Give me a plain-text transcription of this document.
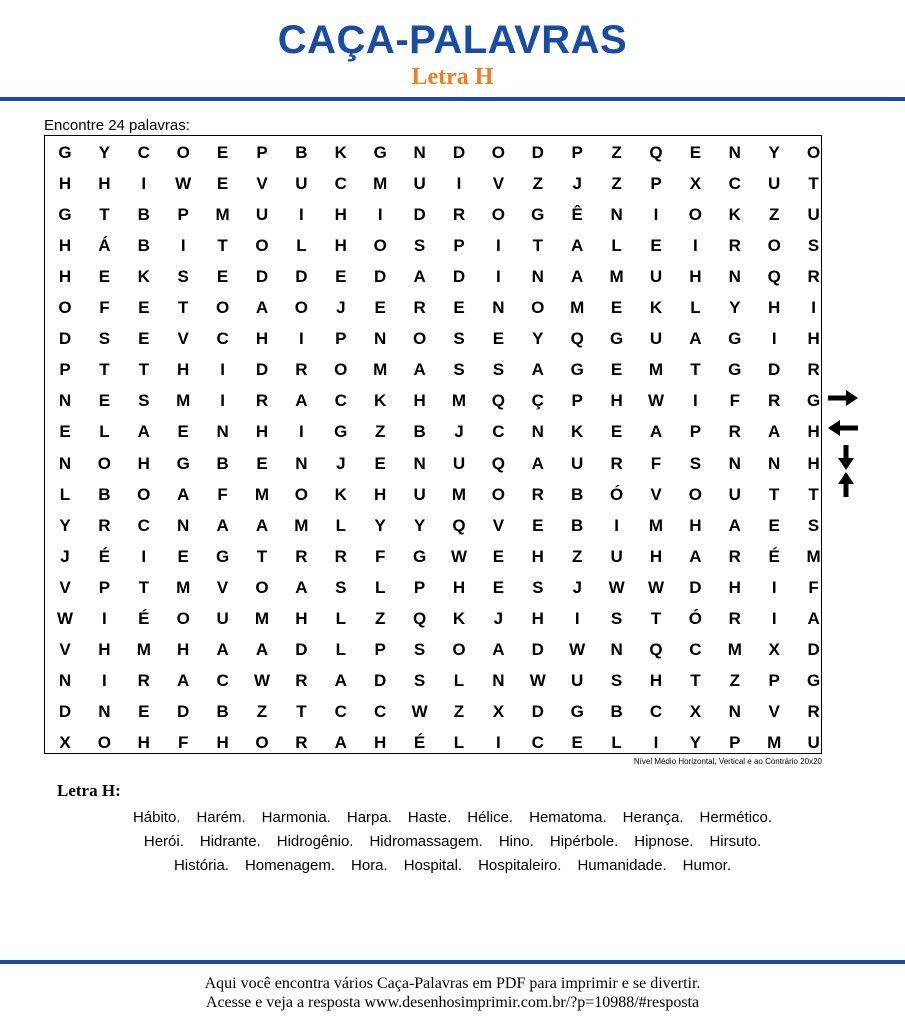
CAÇA-PALAVRAS
Letra H
Encontre 24 palavras:
G	Y	C	O	E	P	B	K	G	N	D	O	D	P	Z	Q	E	N	Y	O
H	H	I	W	E	V	U	C	M	U	I	V	Z	J	Z	P	X	C	U	T
G	T	B	P	M	U	I	H	I	D	R	O	G	Ê	N	I	O	K	Z	U
H	Á	B	I	T	O	L	H	O	S	P	I	T	A	L	E	I	R	O	S
H	E	K	S	E	D	D	E	D	A	D	I	N	A	M	U	H	N	Q	R
O	F	E	T	O	A	O	J	E	R	E	N	O	M	E	K	L	Y	H	I
D	S	E	V	C	H	I	P	N	O	S	E	Y	Q	G	U	A	G	I	H
P	T	T	H	I	D	R	O	M	A	S	S	A	G	E	M	T	G	D	R
N	E	S	M	I	R	A	C	K	H	M	Q	Ç	P	H	W	I	F	R	G
E	L	A	E	N	H	I	G	Z	B	J	C	N	K	E	A	P	R	A	H
N	O	H	G	B	E	N	J	E	N	U	Q	A	U	R	F	S	N	N	H
L	B	O	A	F	M	O	K	H	U	M	O	R	B	Ó	V	O	U	T	T
Y	R	C	N	A	A	M	L	Y	Y	Q	V	E	B	I	M	H	A	E	S
J	É	I	E	G	T	R	R	F	G	W	E	H	Z	U	H	A	R	É	M
V	P	T	M	V	O	A	S	L	P	H	E	S	J	W	W	D	H	I	F
W	I	É	O	U	M	H	L	Z	Q	K	J	H	I	S	T	Ó	R	I	A
V	H	M	H	A	A	D	L	P	S	O	A	D	W	N	Q	C	M	X	D
N	I	R	A	C	W	R	A	D	S	L	N	W	U	S	H	T	Z	P	G
D	N	E	D	B	Z	T	C	C	W	Z	X	D	G	B	C	X	N	V	R
X	O	H	F	H	O	R	A	H	É	L	I	C	E	L	I	Y	P	M	U
Nível Médio Horizontal, Vertical e ao Contrário 20x20
Letra H:
Hábito. Harém. Harmonia. Harpa. Haste. Hélice. Hematoma. Herança. Hermético.
Herói. Hidrante. Hidrogênio. Hidromassagem. Hino. Hipérbole. Hipnose. Hirsuto.
História. Homenagem. Hora. Hospital. Hospitaleiro. Humanidade. Humor.
Aqui você encontra vários Caça-Palavras em PDF para imprimir e se divertir.
Acesse e veja a resposta www.desenhosimprimir.com.br/?p=10988/#resposta
